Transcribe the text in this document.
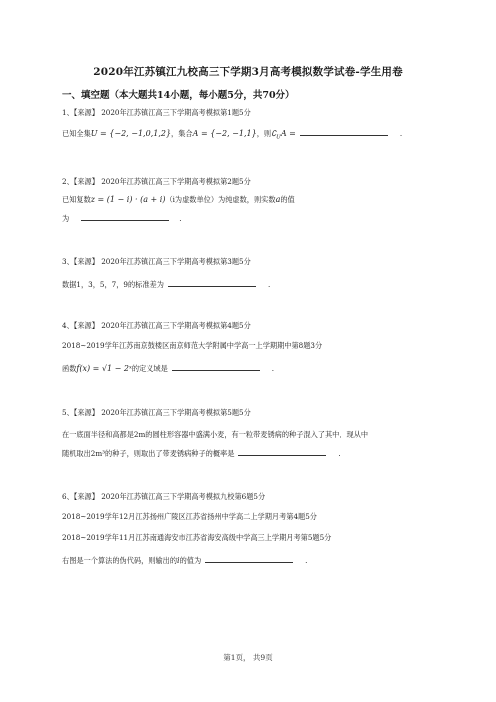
2020年江苏镇江九校高三下学期3月高考模拟数学试卷-学生用卷
一、填空题（本大题共14小题，每小题5分，共70分）
1、【来源】 2020年江苏镇江高三下学期高考模拟第1题5分
已知全集U = {−2, −1,0,1,2}，集合A = {−2, −1,1}，则$∁_UA$ =	.
2、【来源】 2020年江苏镇江高三下学期高考模拟第2题5分
已知复数z = (1 − i) · (a + i)（i为虚数单位）为纯虚数，则实数a的值
为	.
3、【来源】 2020年江苏镇江高三下学期高考模拟第3题5分
数据1，3，5，7，9的标准差为	.
4、【来源】 2020年江苏镇江高三下学期高考模拟第4题5分
2018~2019学年江苏南京鼓楼区南京师范大学附属中学高一上学期期中第8题3分
函数f(x) = √1 − 2ˣ的定义域是	.
5、【来源】 2020年江苏镇江高三下学期高考模拟第5题5分
在一底面半径和高都是2m的圆柱形容器中盛满小麦，有一粒带麦锈病的种子混入了其中．现从中
随机取出2m³的种子，则取出了带麦锈病种子的概率是	.
6、【来源】 2020年江苏镇江高三下学期高考模拟九校第6题5分
2018~2019学年12月江苏扬州广陵区江苏省扬州中学高二上学期月考第4题5分
2018~2019学年11月江苏南通海安市江苏省海安高级中学高三上学期月考第5题5分
右图是一个算法的伪代码，则输出的i的值为	.
第1页， 共9页
